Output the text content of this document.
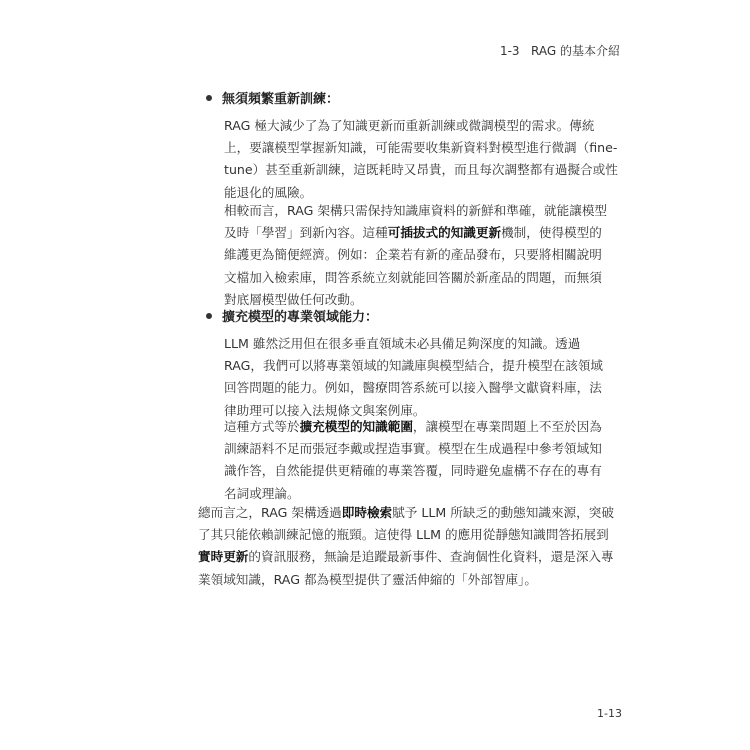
1-3 RAG 的基本介紹
無須頻繁重新訓練：
RAG 極大減少了為了知識更新而重新訓練或微調模型的需求。傳統
上，要讓模型掌握新知識，可能需要收集新資料對模型進行微調（fine-
tune）甚至重新訓練，這既耗時又昂貴，而且每次調整都有過擬合或性
能退化的風險。
相較而言，RAG 架構只需保持知識庫資料的新鮮和準確，就能讓模型
及時「學習」到新內容。這種可插拔式的知識更新機制，使得模型的
維護更為簡便經濟。例如：企業若有新的產品發布，只要將相關說明
文檔加入檢索庫，問答系統立刻就能回答關於新產品的問題，而無須
對底層模型做任何改動。
擴充模型的專業領域能力：
LLM 雖然泛用但在很多垂直領域未必具備足夠深度的知識。透過
RAG，我們可以將專業領域的知識庫與模型結合，提升模型在該領域
回答問題的能力。例如，醫療問答系統可以接入醫學文獻資料庫，法
律助理可以接入法規條文與案例庫。
這種方式等於擴充模型的知識範圍，讓模型在專業問題上不至於因為
訓練語料不足而張冠李戴或捏造事實。模型在生成過程中參考領域知
識作答，自然能提供更精確的專業答覆，同時避免虛構不存在的專有
名詞或理論。
總而言之，RAG 架構透過即時檢索賦予 LLM 所缺乏的動態知識來源，突破
了其只能依賴訓練記憶的瓶頸。這使得 LLM 的應用從靜態知識問答拓展到
實時更新的資訊服務，無論是追蹤最新事件、查詢個性化資料，還是深入專
業領域知識，RAG 都為模型提供了靈活伸縮的「外部智庫」。
1-13
